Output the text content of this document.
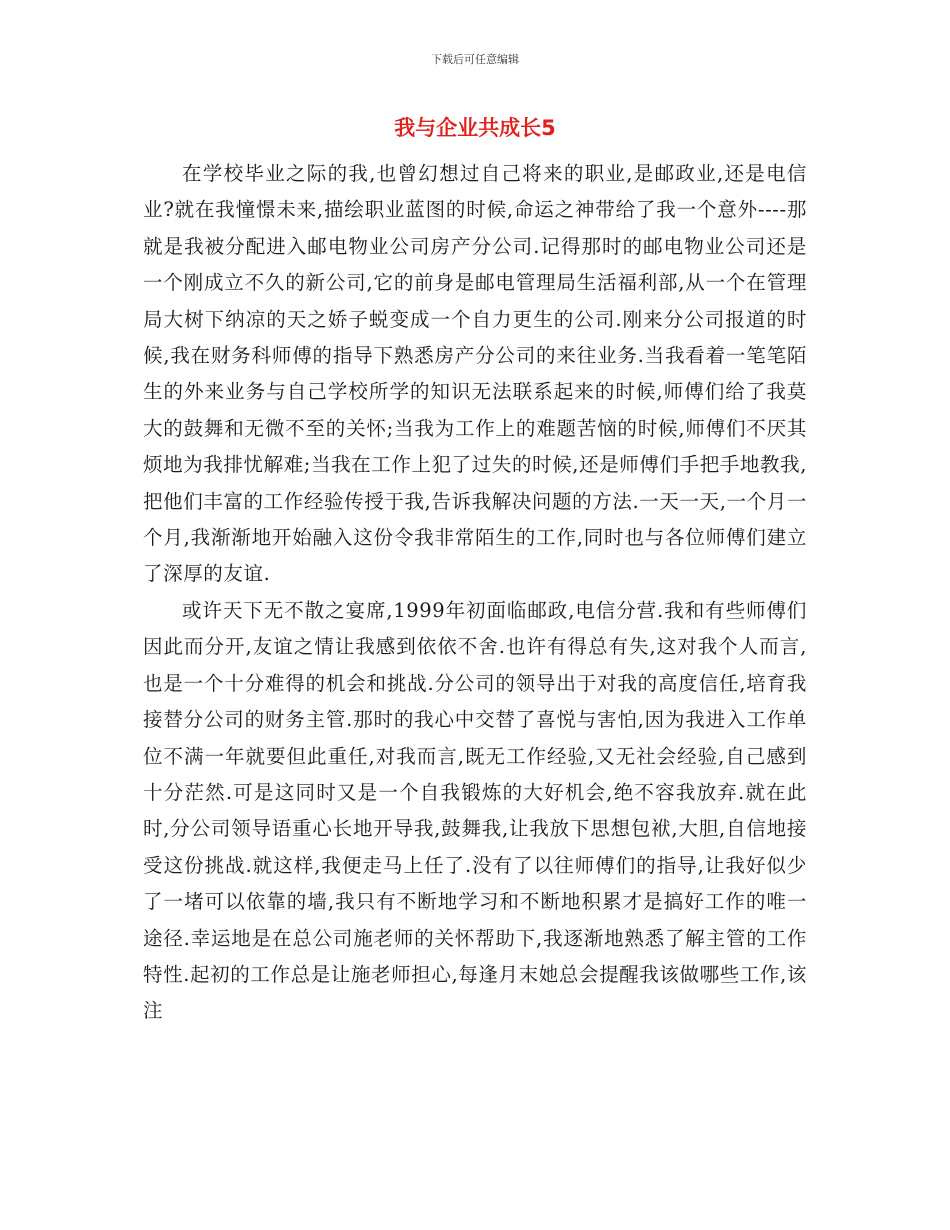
下载后可任意编辑
我与企业共成长5

在学校毕业之际的我,也曾幻想过自己将来的职业,是邮政业,还是电信业?就在我憧憬未来,描绘职业蓝图的时候,命运之神带给了我一个意外----那就是我被分配进入邮电物业公司房产分公司.记得那时的邮电物业公司还是一个刚成立不久的新公司,它的前身是邮电管理局生活福利部,从一个在管理局大树下纳凉的天之娇子蜕变成一个自力更生的公司.刚来分公司报道的时候,我在财务科师傅的指导下熟悉房产分公司的来往业务.当我看着一笔笔陌生的外来业务与自己学校所学的知识无法联系起来的时候,师傅们给了我莫大的鼓舞和无微不至的关怀;当我为工作上的难题苦恼的时候,师傅们不厌其烦地为我排忧解难;当我在工作上犯了过失的时候,还是师傅们手把手地教我,把他们丰富的工作经验传授于我,告诉我解决问题的方法.一天一天,一个月一个月,我渐渐地开始融入这份令我非常陌生的工作,同时也与各位师傅们建立了深厚的友谊.

或许天下无不散之宴席,1999年初面临邮政,电信分营.我和有些师傅们因此而分开,友谊之情让我感到依依不舍.也许有得总有失,这对我个人而言,也是一个十分难得的机会和挑战.分公司的领导出于对我的高度信任,培育我接替分公司的财务主管.那时的我心中交替了喜悦与害怕,因为我进入工作单位不满一年就要但此重任,对我而言,既无工作经验,又无社会经验,自己感到十分茫然.可是这同时又是一个自我锻炼的大好机会,绝不容我放弃.就在此时,分公司领导语重心长地开导我,鼓舞我,让我放下思想包袱,大胆,自信地接受这份挑战.就这样,我便走马上任了.没有了以往师傅们的指导,让我好似少了一堵可以依靠的墙,我只有不断地学习和不断地积累才是搞好工作的唯一途径.幸运地是在总公司施老师的关怀帮助下,我逐渐地熟悉了解主管的工作特性.起初的工作总是让施老师担心,每逢月末她总会提醒我该做哪些工作,该注
